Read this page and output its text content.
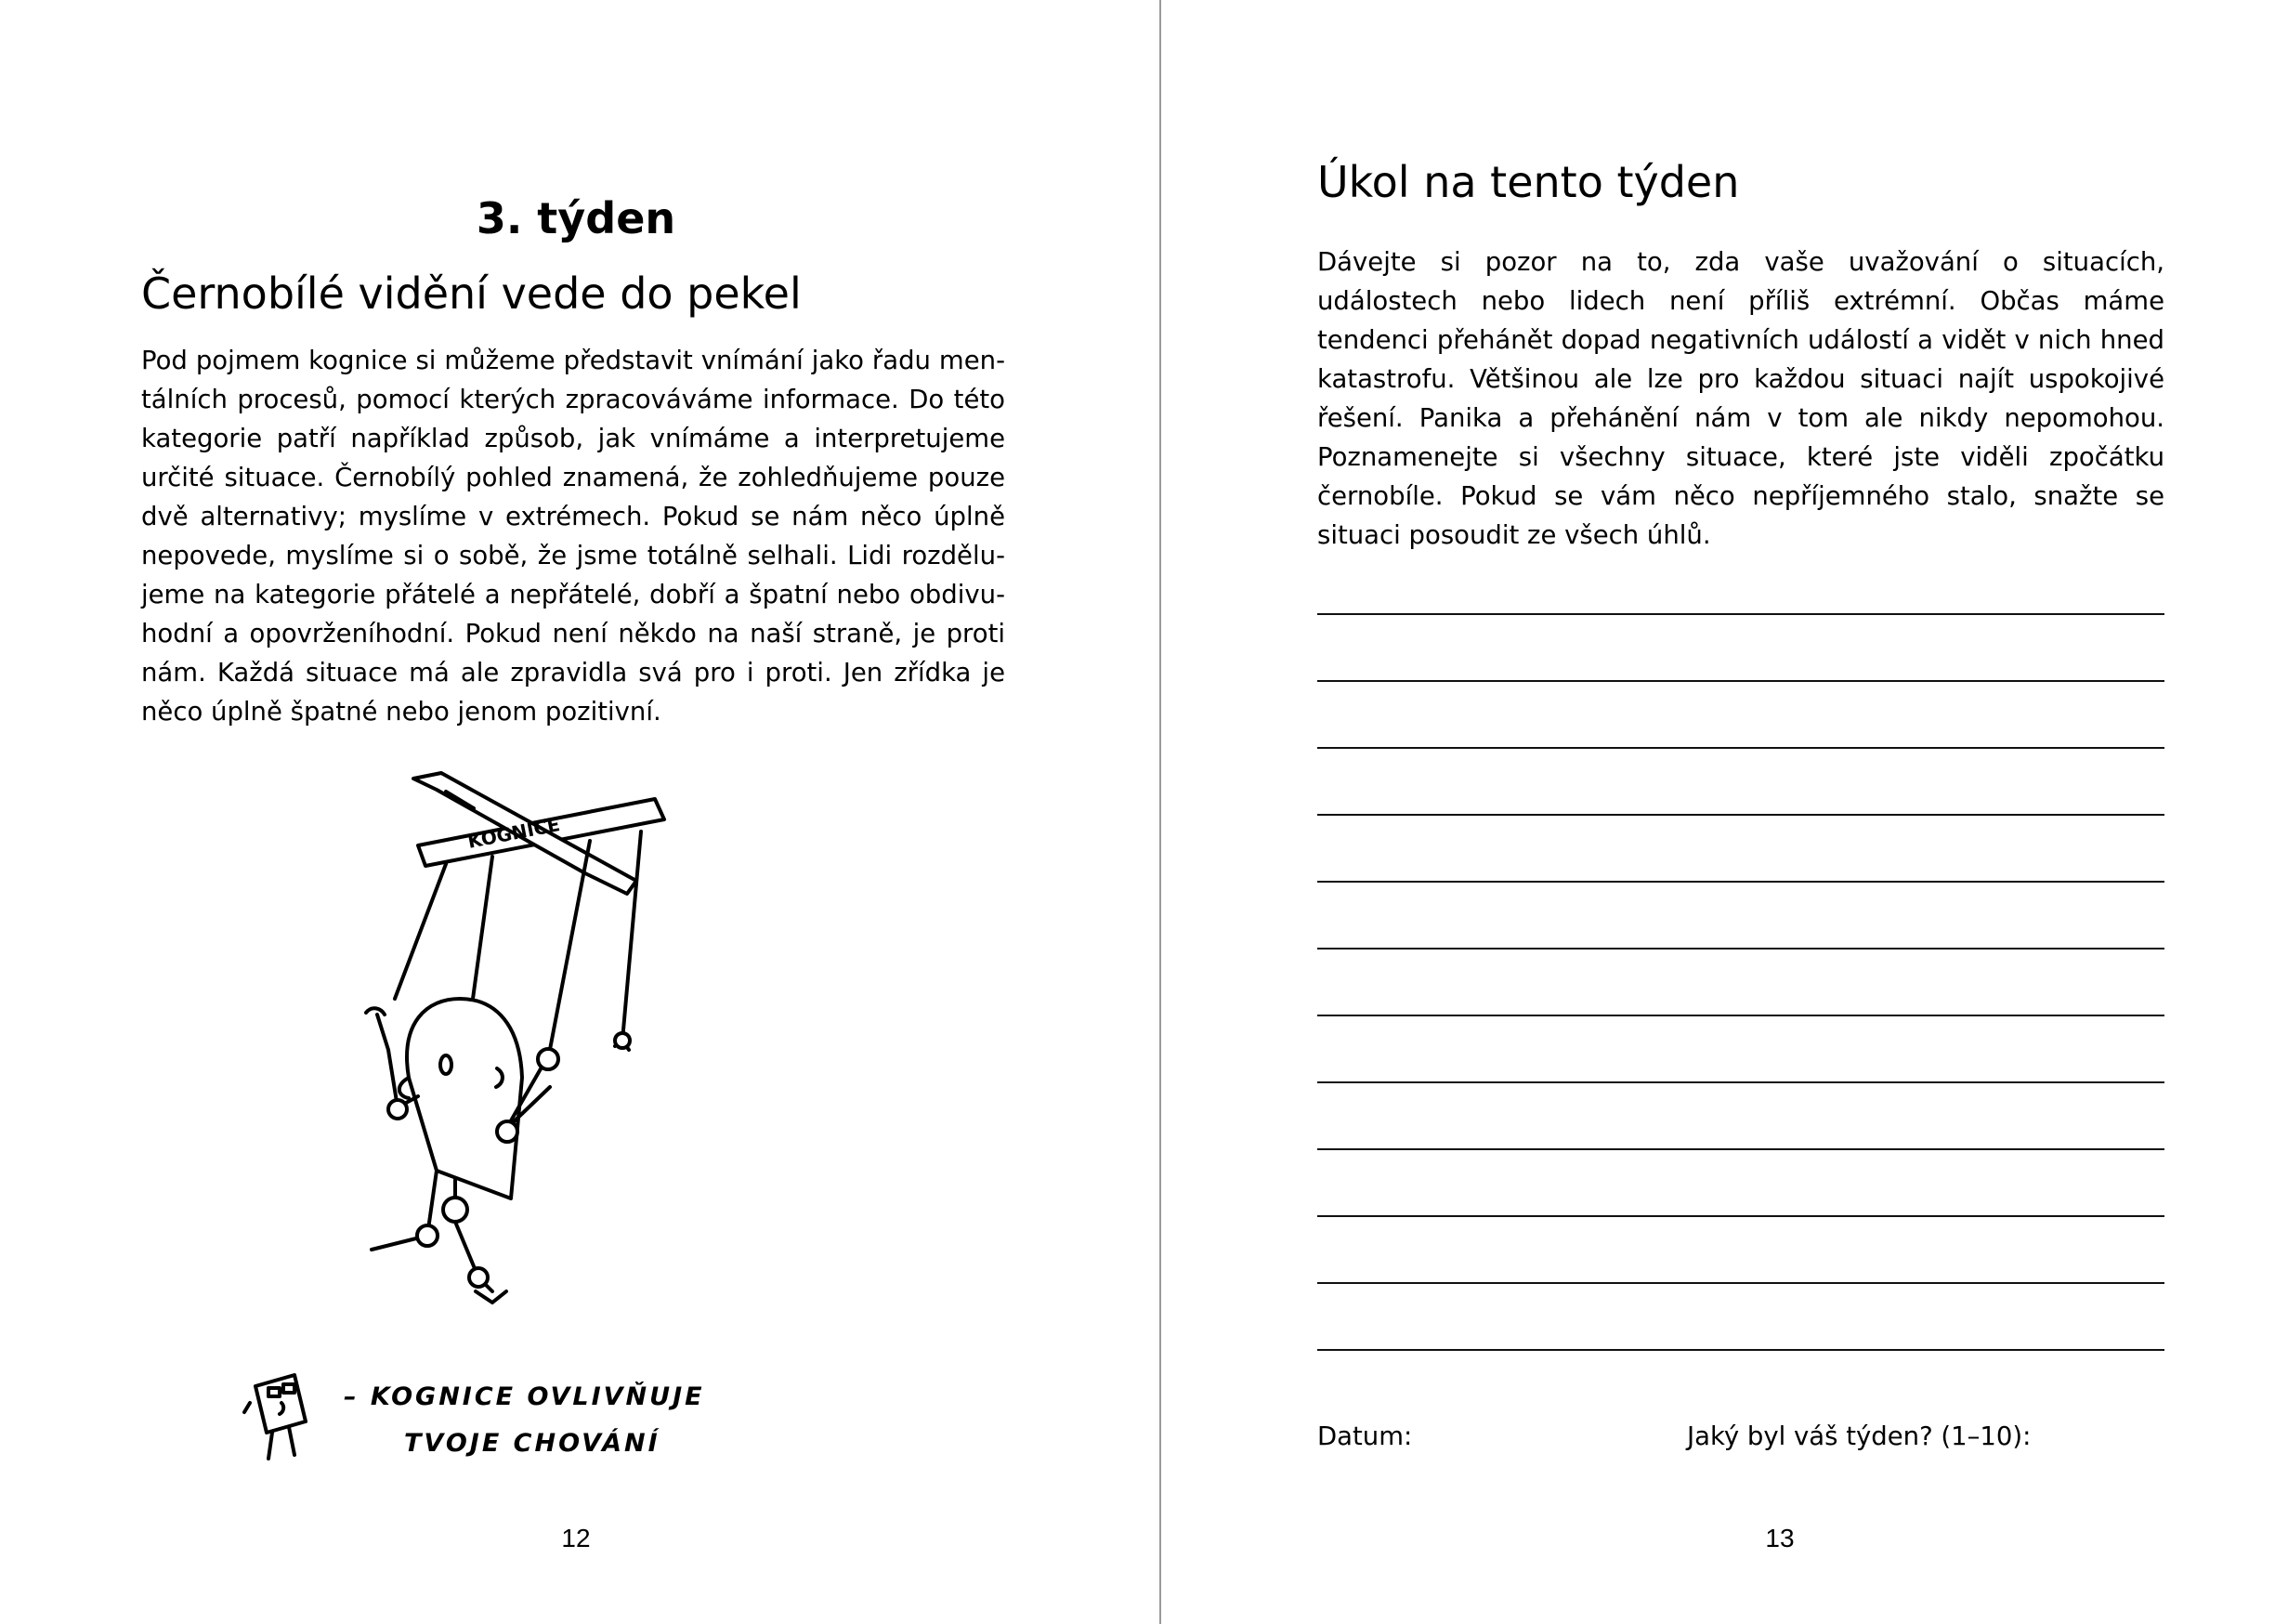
3. týden
Černobílé vidění vede do pekel

Pod pojmem kognice si můžeme představit vnímání jako řadu mentálních procesů, pomocí kterých zpracováváme informace. Do této kategorie patří například způsob, jak vnímáme a interpretujeme určité situace. Černobílý pohled znamená, že zohledňujeme pouze dvě alternativy; myslíme v extrémech. Pokud se nám něco úplně nepovede, myslíme si o sobě, že jsme totálně selhali. Lidi rozdělujeme na kategorie přátelé a nepřátelé, dobří a špatní nebo obdivuhodní a opovrženíhodní. Pokud není někdo na naší straně, je proti nám. Každá situace má ale zpravidla svá pro i proti. Jen zřídka je něco úplně špatné nebo jenom pozitivní.

KOGNICE
– KOGNICE OVLIVŇUJE
TVOJE CHOVÁNÍ
12
Úkol na tento týden

Dávejte si pozor na to, zda vaše uvažování o situacích, událostech nebo lidech není příliš extrémní. Občas máme tendenci přehánět dopad negativních událostí a vidět v nich hned katastrofu. Většinou ale lze pro každou situaci najít uspokojivé řešení. Panika a přehánění nám v tom ale nikdy nepomohou. Poznamenejte si všechny situace, které jste viděli zpočátku černobíle. Pokud se vám něco nepříjemného stalo, snažte se situaci posoudit ze všech úhlů.

Datum:	Jaký byl váš týden? (1–10):
13
